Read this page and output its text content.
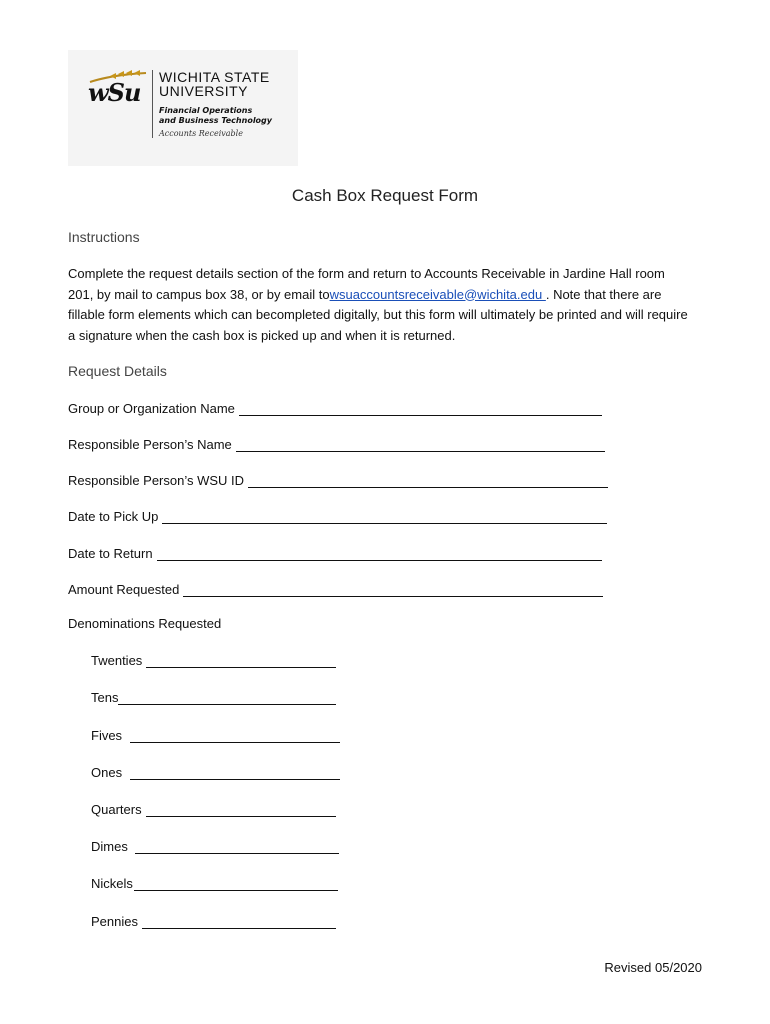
wSu
WICHITA STATE
UNIVERSITY
Financial Operations
and Business Technology
Accounts Receivable
Cash Box Request Form
Instructions
Complete the request details section of the form and return to Accounts Receivable in Jardine Hall room 201, by mail to campus box 38, or by email towsuaccountsreceivable@wichita.edu . Note that there are fillable form elements which can becompleted digitally, but this form will ultimately be printed and will require a signature when the cash box is picked up and when it is returned.
Request Details
Group or Organization Name
Responsible Person’s Name
Responsible Person’s WSU ID
Date to Pick Up
Date to Return
Amount Requested
Denominations Requested
Twenties
Tens
Fives
Ones
Quarters
Dimes
Nickels
Pennies
Revised 05/2020
